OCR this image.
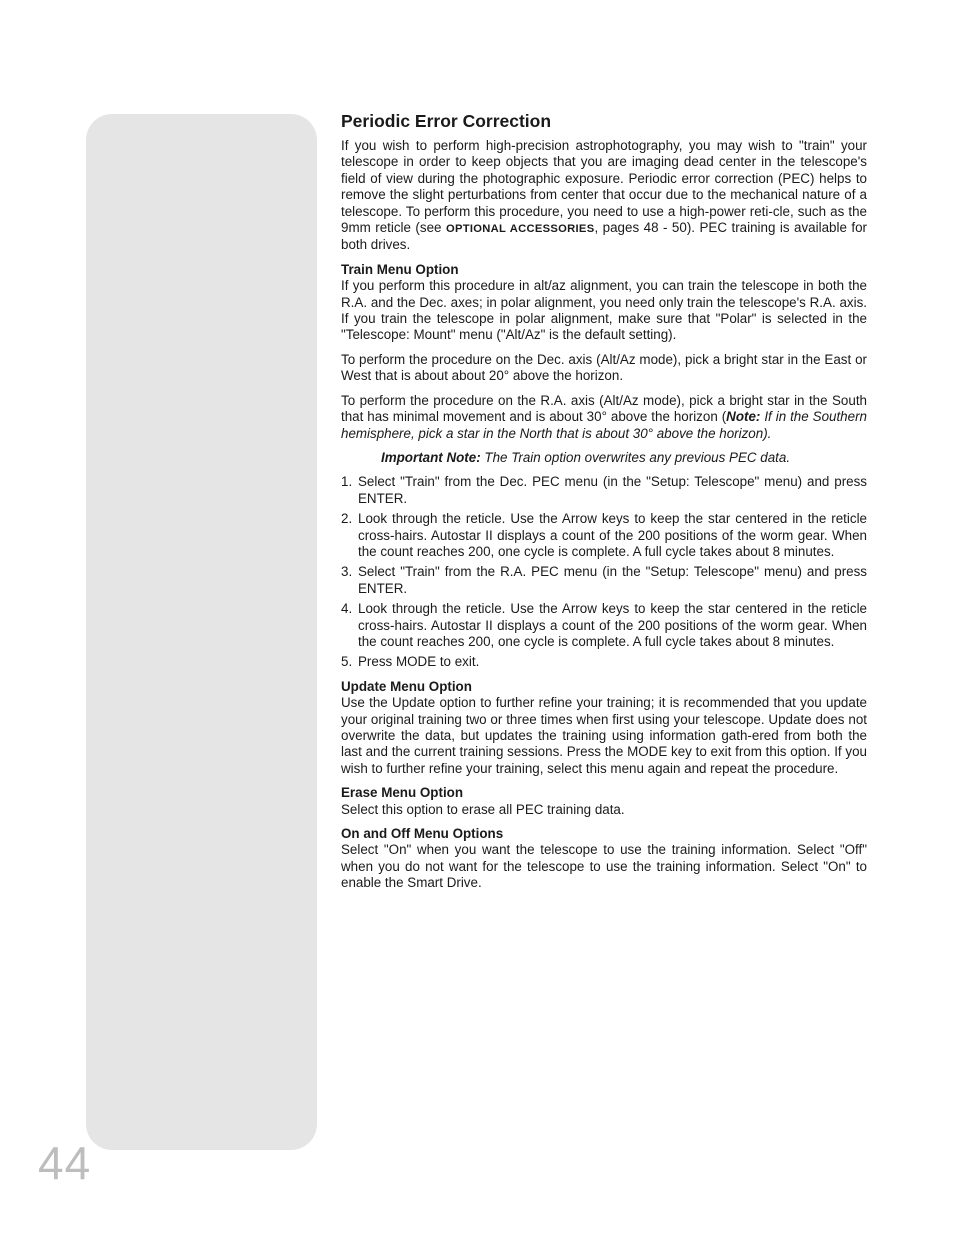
44
Periodic Error Correction

If you wish to perform high-precision astrophotography, you may wish to "train" your telescope in order to keep objects that you are imaging dead center in the telescope's field of view during the photographic exposure. Periodic error correction (PEC) helps to remove the slight perturbations from center that occur due to the mechanical nature of a telescope. To perform this procedure, you need to use a high-power reti-cle, such as the 9mm reticle (see OPTIONAL ACCESSORIES, pages 48 - 50). PEC training is available for both drives.

Train Menu Option
If you perform this procedure in alt/az alignment, you can train the telescope in both the R.A. and the Dec. axes; in polar alignment, you need only train the telescope's R.A. axis. If you train the telescope in polar alignment, make sure that "Polar" is selected in the "Telescope: Mount" menu ("Alt/Az" is the default setting).

To perform the procedure on the Dec. axis (Alt/Az mode), pick a bright star in the East or West that is about about 20° above the horizon.

To perform the procedure on the R.A. axis (Alt/Az mode), pick a bright star in the South that has minimal movement and is about 30° above the horizon (Note: If in the Southern hemisphere, pick a star in the North that is about 30° above the horizon).

Important Note: The Train option overwrites any previous PEC data.

1. Select "Train" from the Dec. PEC menu (in the "Setup: Telescope" menu) and press ENTER.
2. Look through the reticle. Use the Arrow keys to keep the star centered in the reticle cross-hairs. Autostar II displays a count of the 200 positions of the worm gear. When the count reaches 200, one cycle is complete. A full cycle takes about 8 minutes.
3. Select "Train" from the R.A. PEC menu (in the "Setup: Telescope" menu) and press ENTER.
4. Look through the reticle. Use the Arrow keys to keep the star centered in the reticle cross-hairs. Autostar II displays a count of the 200 positions of the worm gear. When the count reaches 200, one cycle is complete. A full cycle takes about 8 minutes.
5. Press MODE to exit.

Update Menu Option
Use the Update option to further refine your training; it is recommended that you update your original training two or three times when first using your telescope. Update does not overwrite the data, but updates the training using information gath-ered from both the last and the current training sessions. Press the MODE key to exit from this option. If you wish to further refine your training, select this menu again and repeat the procedure.

Erase Menu Option
Select this option to erase all PEC training data.

On and Off Menu Options
Select "On" when you want the telescope to use the training information. Select "Off" when you do not want for the telescope to use the training information. Select "On" to enable the Smart Drive.
